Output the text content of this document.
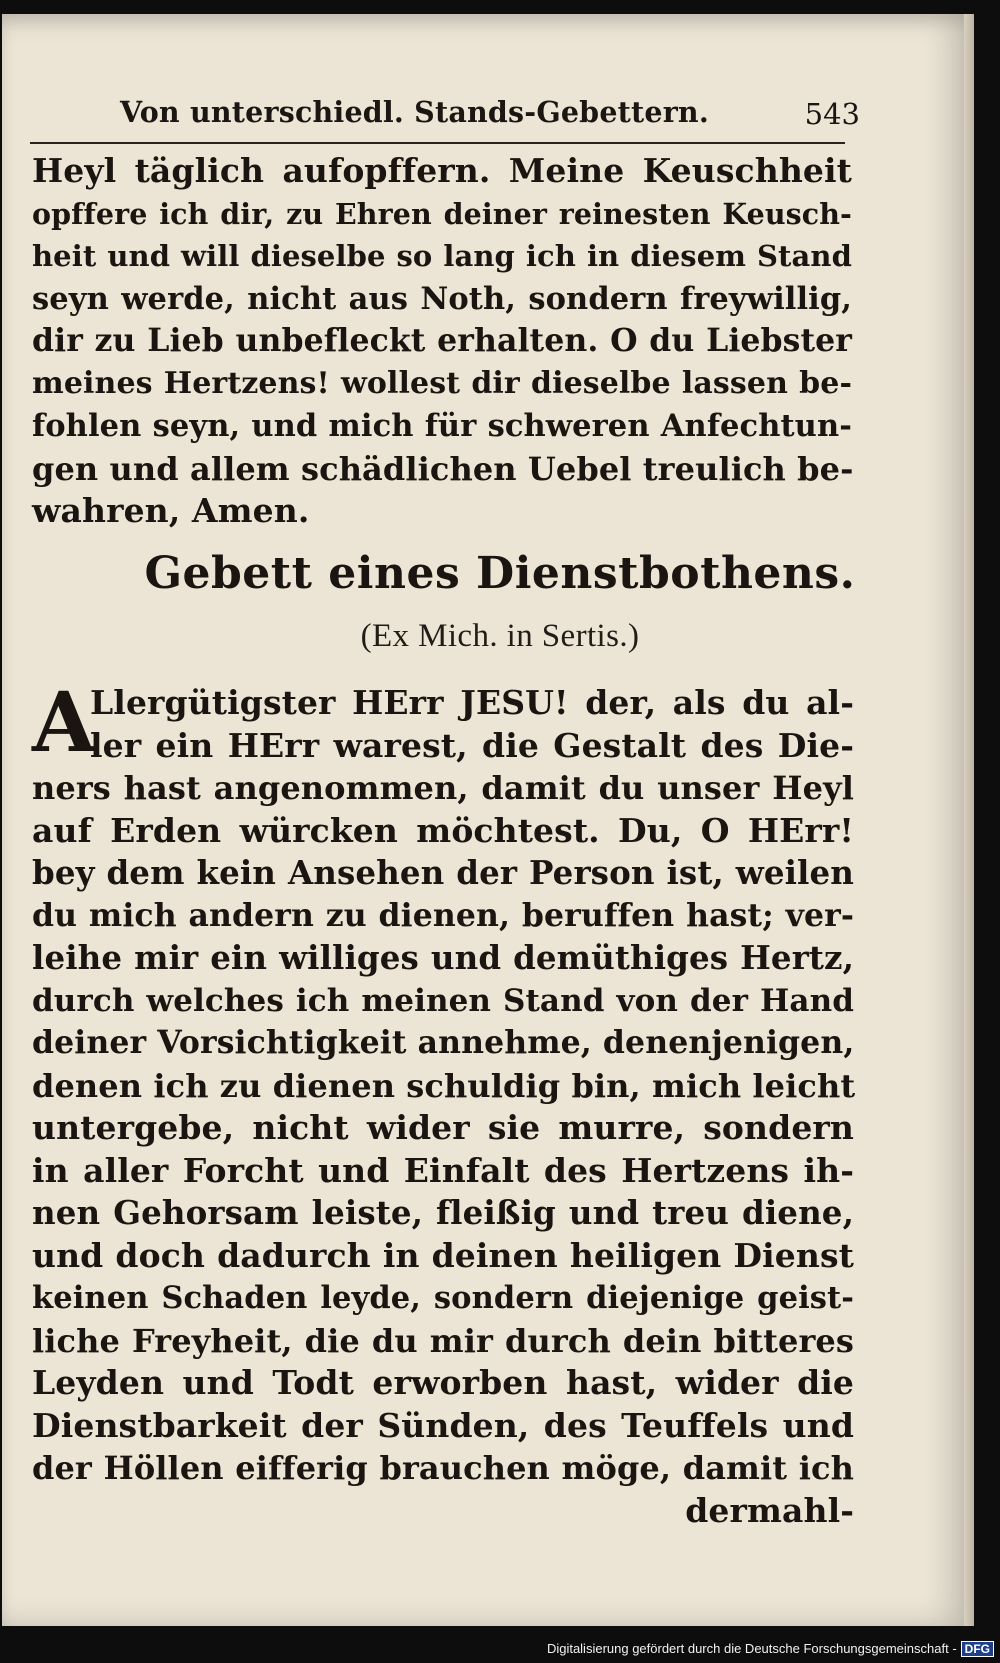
Von unterschiedl. Stands-Gebettern.	543
Heyl täglich aufopffern. Meine Keuschheit
opffere ich dir, zu Ehren deiner reinesten Keusch-
heit und will dieselbe so lang ich in diesem Stand
seyn werde, nicht aus Noth, sondern freywillig,
dir zu Lieb unbefleckt erhalten. O du Liebster
meines Hertzens! wollest dir dieselbe lassen be-
fohlen seyn, und mich für schweren Anfechtun-
gen und allem schädlichen Uebel treulich be-
wahren, Amen.
Gebett eines Dienstbothens.
(Ex Mich. in Sertis.)
A
Llergütigster HErr JESU! der, als du al-
ler ein HErr warest, die Gestalt des Die-
ners hast angenommen, damit du unser Heyl
auf Erden würcken möchtest. Du, O HErr!
bey dem kein Ansehen der Person ist, weilen
du mich andern zu dienen, beruffen hast; ver-
leihe mir ein williges und demüthiges Hertz,
durch welches ich meinen Stand von der Hand
deiner Vorsichtigkeit annehme, denenjenigen,
denen ich zu dienen schuldig bin, mich leicht
untergebe, nicht wider sie murre, sondern
in aller Forcht und Einfalt des Hertzens ih-
nen Gehorsam leiste, fleißig und treu diene,
und doch dadurch in deinen heiligen Dienst
keinen Schaden leyde, sondern diejenige geist-
liche Freyheit, die du mir durch dein bitteres
Leyden und Todt erworben hast, wider die
Dienstbarkeit der Sünden, des Teuffels und
der Höllen eifferig brauchen möge, damit ich
dermahl-
Digitalisierung gefördert durch die Deutsche Forschungsgemeinschaft - DFG
